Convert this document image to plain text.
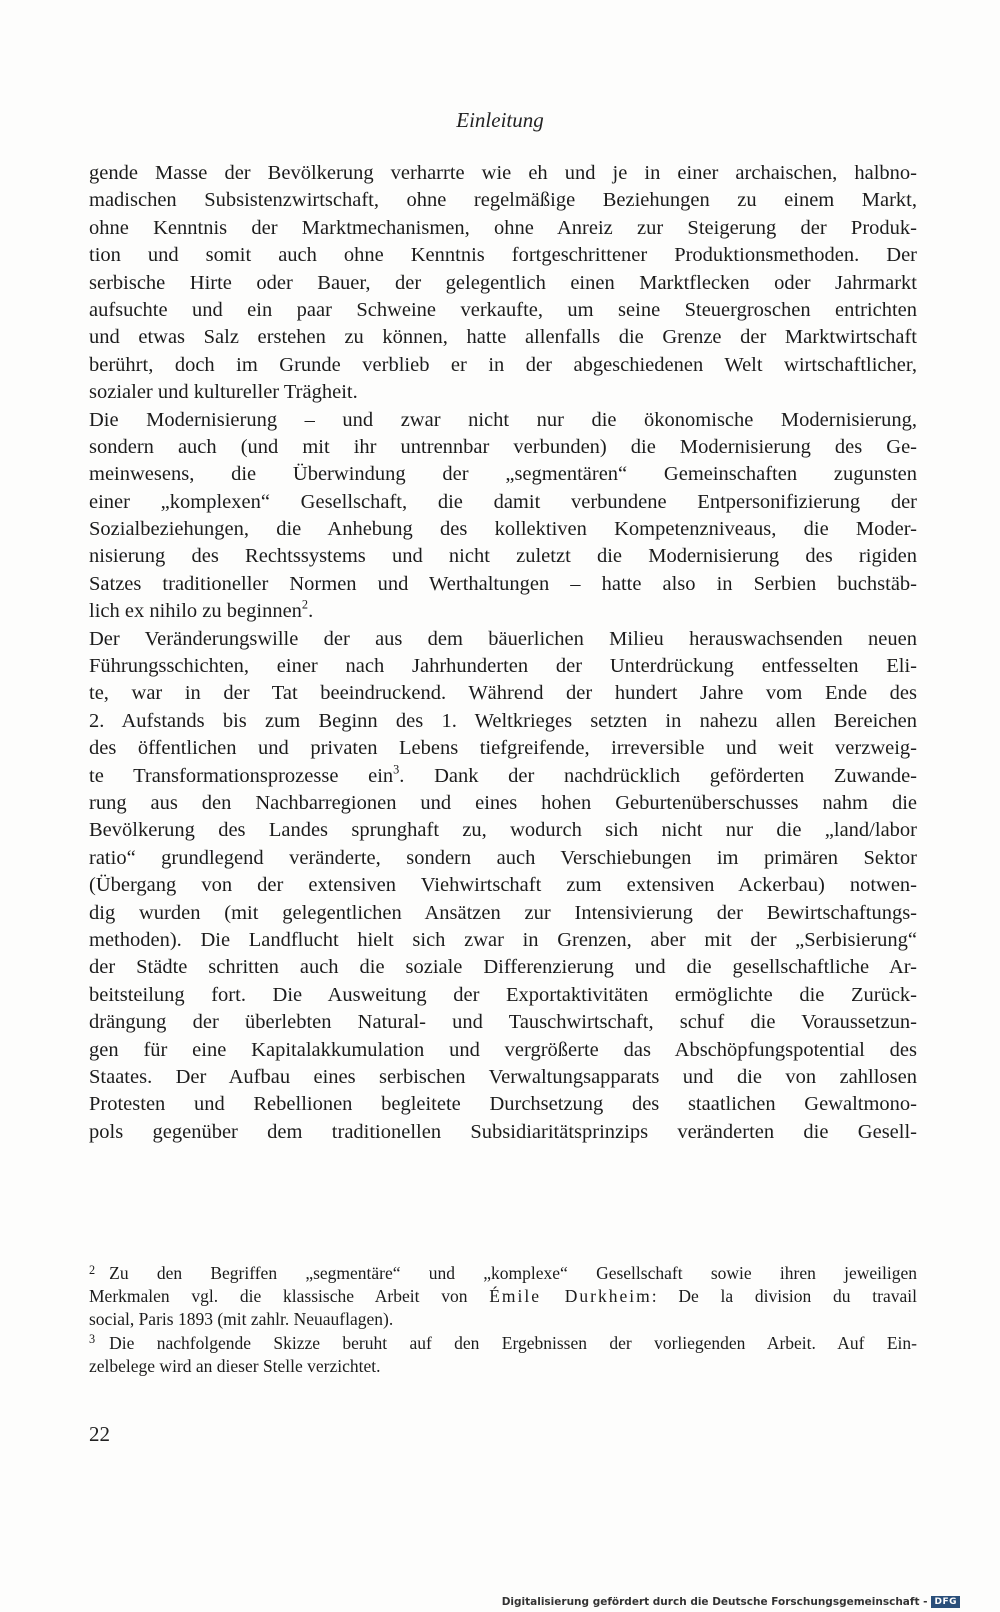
Einleitung
gende Masse der Bevölkerung verharrte wie eh und je in einer archaischen, halbno-
madischen Subsistenzwirtschaft, ohne regelmäßige Beziehungen zu einem Markt,
ohne Kenntnis der Marktmechanismen, ohne Anreiz zur Steigerung der Produk-
tion und somit auch ohne Kenntnis fortgeschrittener Produktionsmethoden. Der
serbische Hirte oder Bauer, der gelegentlich einen Marktflecken oder Jahrmarkt
aufsuchte und ein paar Schweine verkaufte, um seine Steuergroschen entrichten
und etwas Salz erstehen zu können, hatte allenfalls die Grenze der Marktwirtschaft
berührt, doch im Grunde verblieb er in der abgeschiedenen Welt wirtschaftlicher,
sozialer und kultureller Trägheit.
Die Modernisierung – und zwar nicht nur die ökonomische Modernisierung,
sondern auch (und mit ihr untrennbar verbunden) die Modernisierung des Ge-
meinwesens, die Überwindung der „segmentären“ Gemeinschaften zugunsten
einer „komplexen“ Gesellschaft, die damit verbundene Entpersonifizierung der
Sozialbeziehungen, die Anhebung des kollektiven Kompetenzniveaus, die Moder-
nisierung des Rechtssystems und nicht zuletzt die Modernisierung des rigiden
Satzes traditioneller Normen und Werthaltungen – hatte also in Serbien buchstäb-
lich ex nihilo zu beginnen$^2$.
Der Veränderungswille der aus dem bäuerlichen Milieu herauswachsenden neuen
Führungsschichten, einer nach Jahrhunderten der Unterdrückung entfesselten Eli-
te, war in der Tat beeindruckend. Während der hundert Jahre vom Ende des
2. Aufstands bis zum Beginn des 1. Weltkrieges setzten in nahezu allen Bereichen
des öffentlichen und privaten Lebens tiefgreifende, irreversible und weit verzweig-
te Transformationsprozesse ein$^3$. Dank der nachdrücklich geförderten Zuwande-
rung aus den Nachbarregionen und eines hohen Geburtenüberschusses nahm die
Bevölkerung des Landes sprunghaft zu, wodurch sich nicht nur die „land/labor
ratio“ grundlegend veränderte, sondern auch Verschiebungen im primären Sektor
(Übergang von der extensiven Viehwirtschaft zum extensiven Ackerbau) notwen-
dig wurden (mit gelegentlichen Ansätzen zur Intensivierung der Bewirtschaftungs-
methoden). Die Landflucht hielt sich zwar in Grenzen, aber mit der „Serbisierung“
der Städte schritten auch die soziale Differenzierung und die gesellschaftliche Ar-
beitsteilung fort. Die Ausweitung der Exportaktivitäten ermöglichte die Zurück-
drängung der überlebten Natural- und Tauschwirtschaft, schuf die Voraussetzun-
gen für eine Kapitalakkumulation und vergrößerte das Abschöpfungspotential des
Staates. Der Aufbau eines serbischen Verwaltungsapparats und die von zahllosen
Protesten und Rebellionen begleitete Durchsetzung des staatlichen Gewaltmono-
pols gegenüber dem traditionellen Subsidiaritätsprinzips veränderten die Gesell-
$^2$ Zu den Begriffen „segmentäre“ und „komplexe“ Gesellschaft sowie ihren jeweiligen
Merkmalen vgl. die klassische Arbeit von Émile Durkheim: De la division du travail
social, Paris 1893 (mit zahlr. Neuauflagen).
$^3$ Die nachfolgende Skizze beruht auf den Ergebnissen der vorliegenden Arbeit. Auf Ein-
zelbelege wird an dieser Stelle verzichtet.
22
Digitalisierung gefördert durch die Deutsche Forschungsgemeinschaft - DFG
